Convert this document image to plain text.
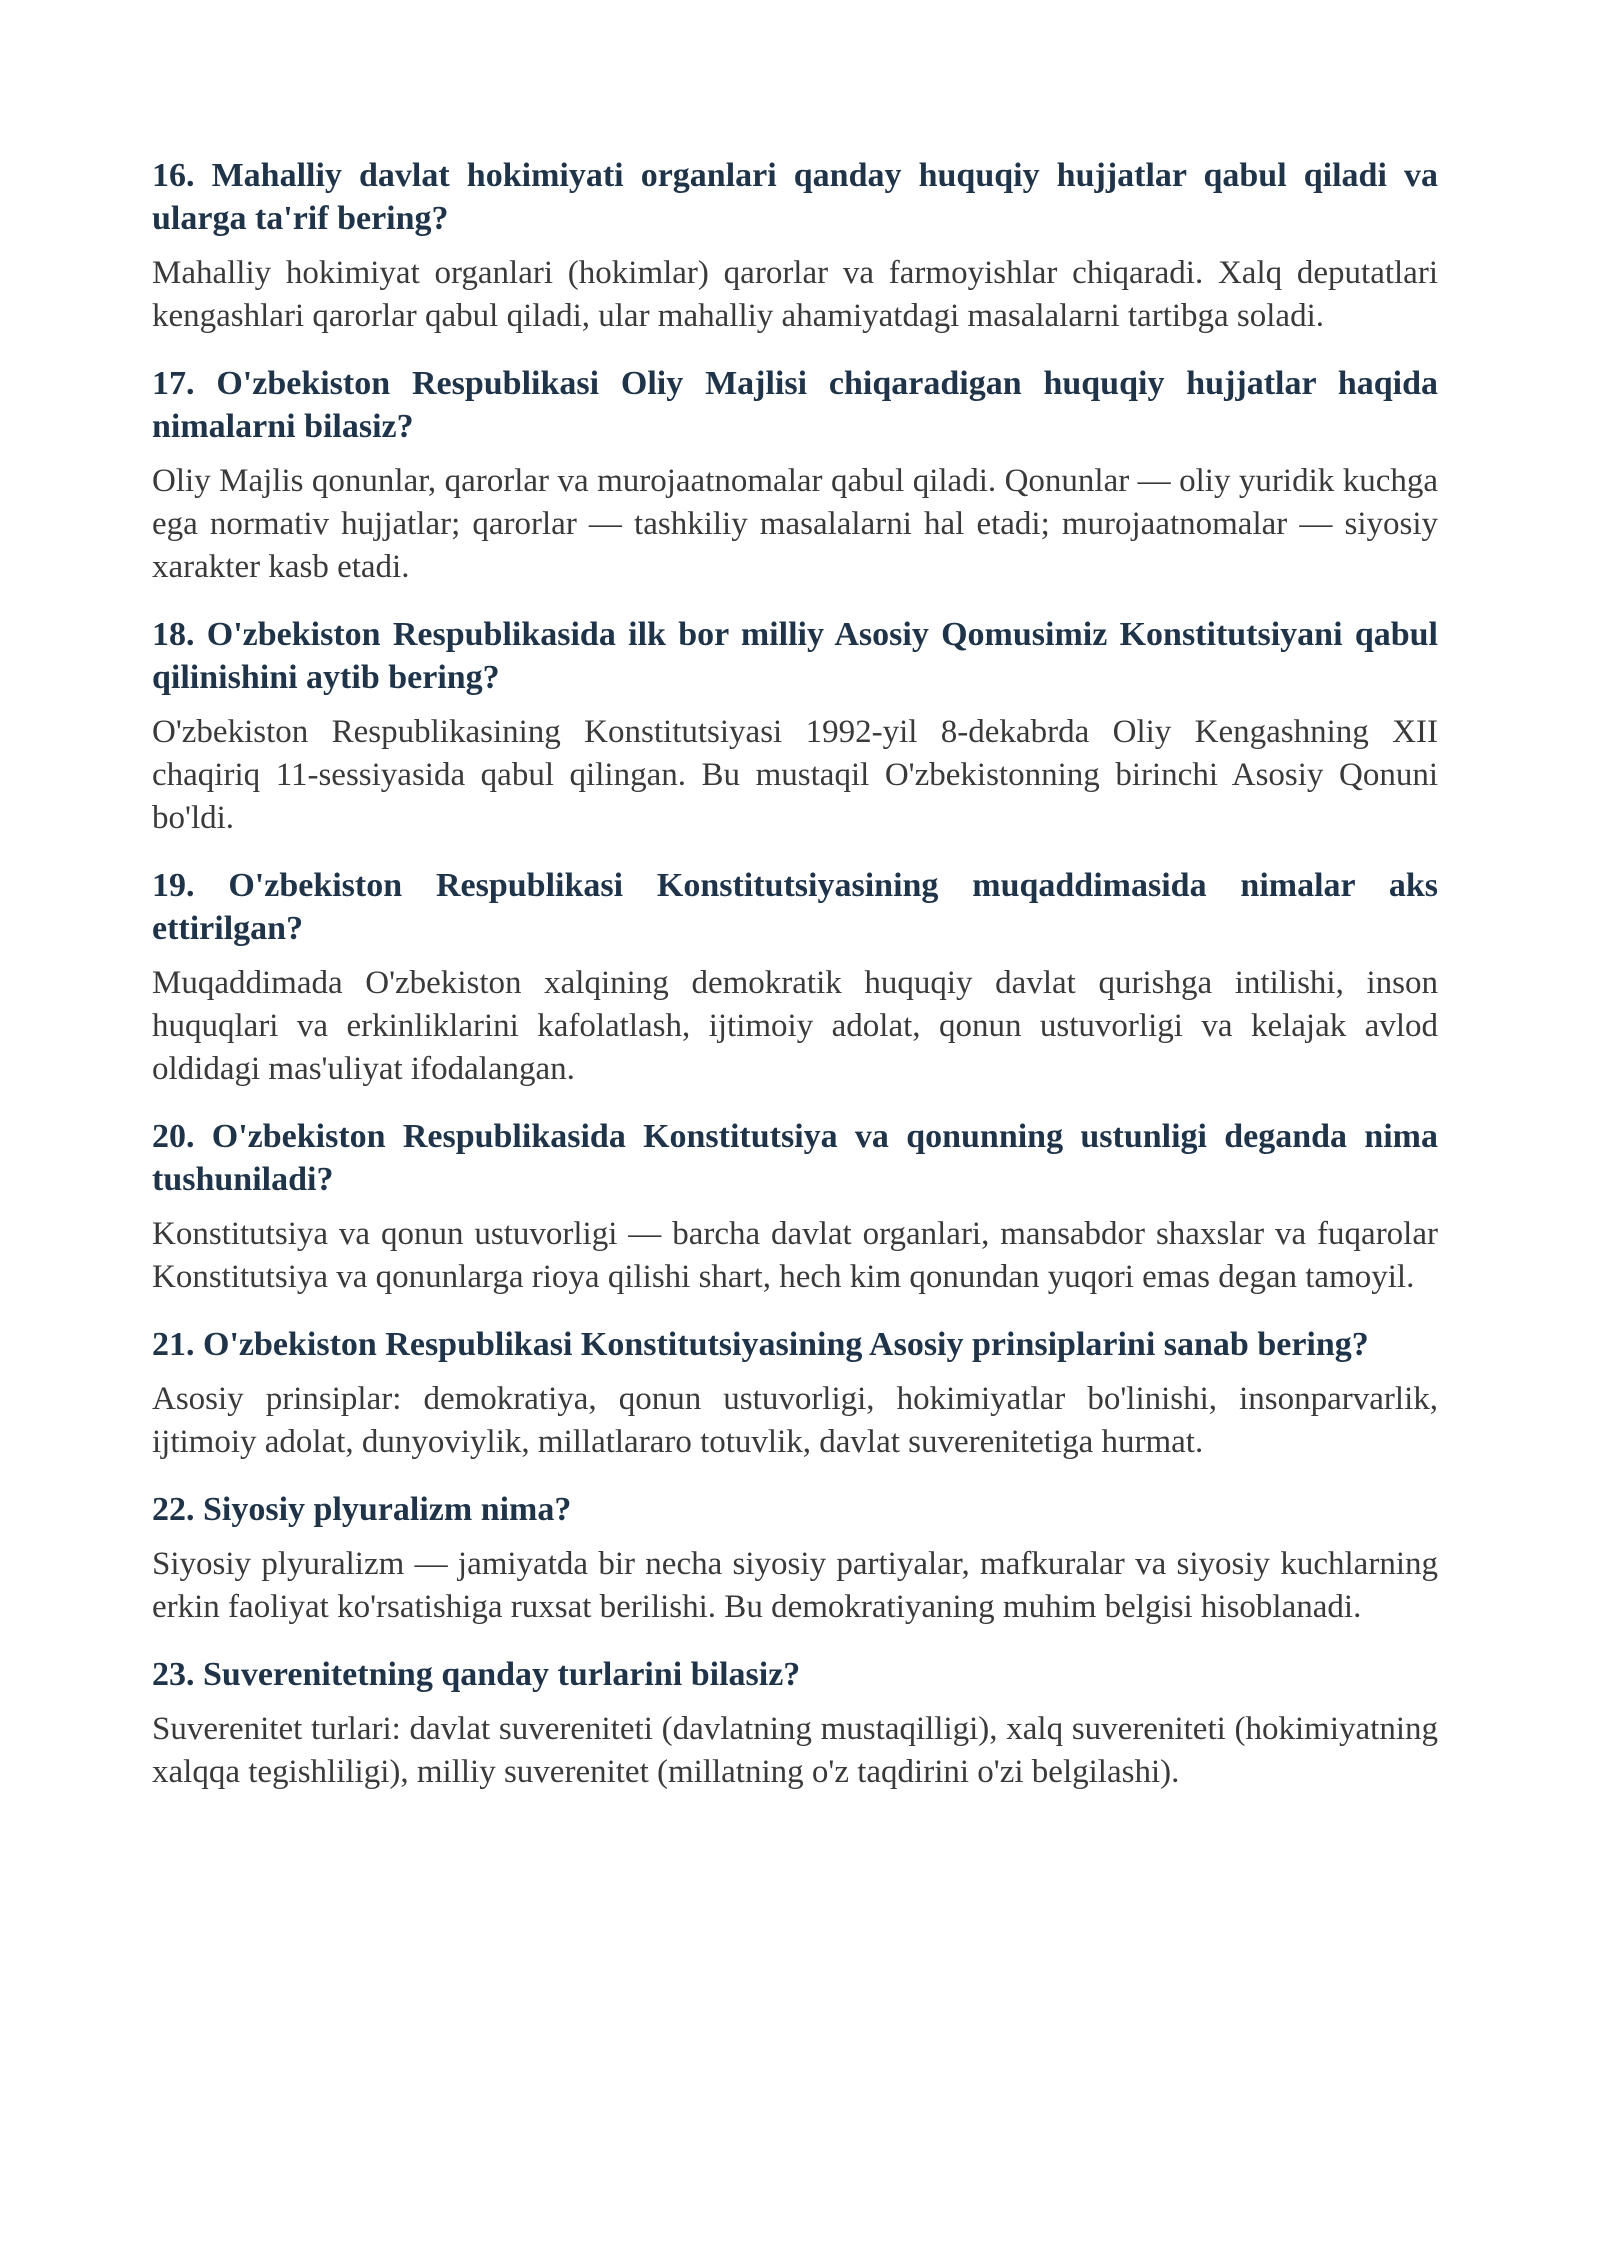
16. Mahalliy davlat hokimiyati organlari qanday huquqiy hujjatlar qabul qiladi va ularga ta'rif bering?
Mahalliy hokimiyat organlari (hokimlar) qarorlar va farmoyishlar chiqaradi. Xalq deputatlari kengashlari qarorlar qabul qiladi, ular mahalliy ahamiyatdagi masalalarni tartibga soladi.
17. O'zbekiston Respublikasi Oliy Majlisi chiqaradigan huquqiy hujjatlar haqida nimalarni bilasiz?
Oliy Majlis qonunlar, qarorlar va murojaatnomalar qabul qiladi. Qonunlar — oliy yuridik kuchga ega normativ hujjatlar; qarorlar — tashkiliy masalalarni hal etadi; murojaatnomalar — siyosiy xarakter kasb etadi.
18. O'zbekiston Respublikasida ilk bor milliy Asosiy Qomusimiz Konstitutsiyani qabul qilinishini aytib bering?
O'zbekiston Respublikasining Konstitutsiyasi 1992-yil 8-dekabrda Oliy Kengashning XII chaqiriq 11-sessiyasida qabul qilingan. Bu mustaqil O'zbekistonning birinchi Asosiy Qonuni bo'ldi.
19. O'zbekiston Respublikasi Konstitutsiyasining muqaddimasida nimalar aks ettirilgan?
Muqaddimada O'zbekiston xalqining demokratik huquqiy davlat qurishga intilishi, inson huquqlari va erkinliklarini kafolatlash, ijtimoiy adolat, qonun ustuvorligi va kelajak avlod oldidagi mas'uliyat ifodalangan.
20. O'zbekiston Respublikasida Konstitutsiya va qonunning ustunligi deganda nima tushuniladi?
Konstitutsiya va qonun ustuvorligi — barcha davlat organlari, mansabdor shaxslar va fuqarolar Konstitutsiya va qonunlarga rioya qilishi shart, hech kim qonundan yuqori emas degan tamoyil.
21. O'zbekiston Respublikasi Konstitutsiyasining Asosiy prinsiplarini sanab bering?
Asosiy prinsiplar: demokratiya, qonun ustuvorligi, hokimiyatlar bo'linishi, insonparvarlik, ijtimoiy adolat, dunyoviylik, millatlararo totuvlik, davlat suverenitetiga hurmat.
22. Siyosiy plyuralizm nima?
Siyosiy plyuralizm — jamiyatda bir necha siyosiy partiyalar, mafkuralar va siyosiy kuchlarning erkin faoliyat ko'rsatishiga ruxsat berilishi. Bu demokratiyaning muhim belgisi hisoblanadi.
23. Suverenitetning qanday turlarini bilasiz?
Suverenitet turlari: davlat suvereniteti (davlatning mustaqilligi), xalq suvereniteti (hokimiyatning xalqqa tegishliligi), milliy suverenitet (millatning o'z taqdirini o'zi belgilashi).
